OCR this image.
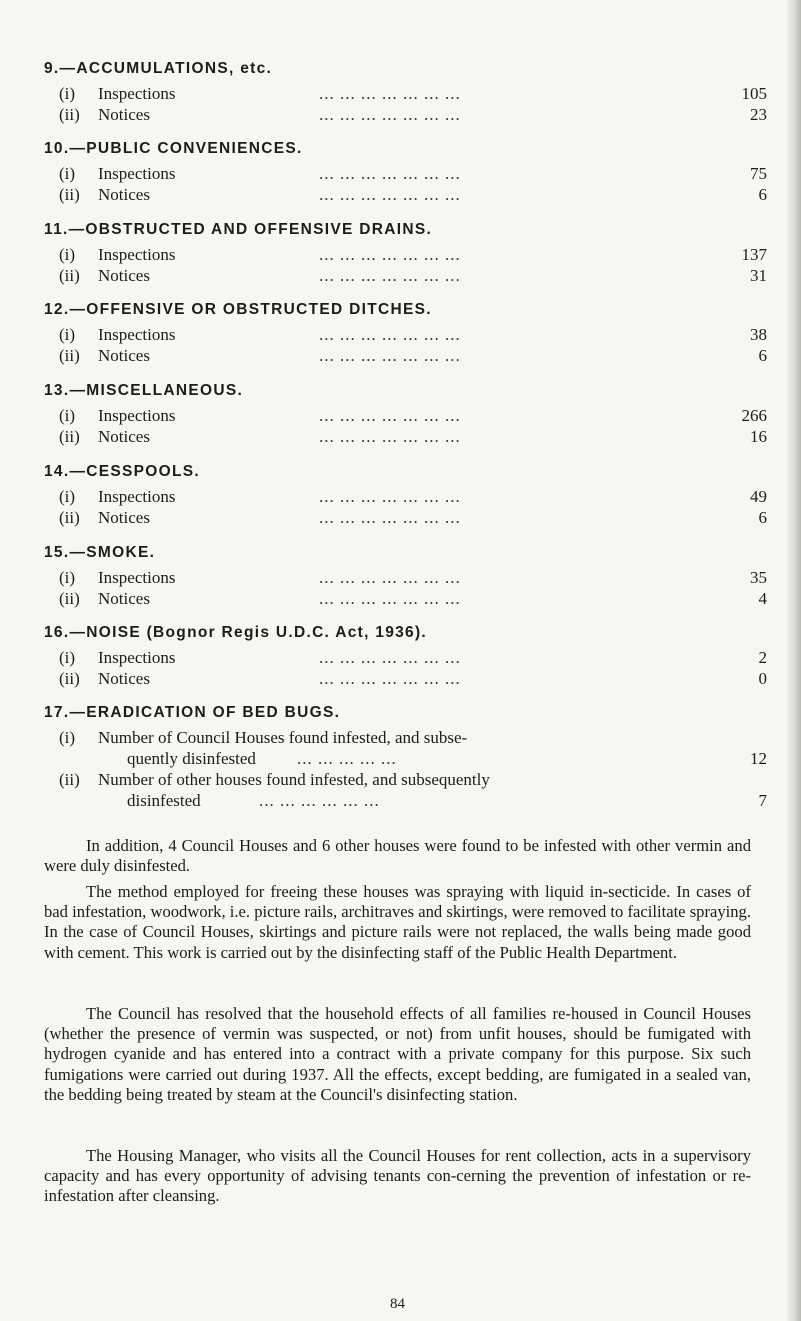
9.—ACCUMULATIONS, etc.
(i) Inspections	... ... ... ... ... ... ...	105
(ii) Notices	... ... ... ... ... ... ...	23
10.—PUBLIC CONVENIENCES.
(i) Inspections	... ... ... ... ... ... ...	75
(ii) Notices	... ... ... ... ... ... ...	6
11.—OBSTRUCTED AND OFFENSIVE DRAINS.
(i) Inspections	... ... ... ... ... ... ...	137
(ii) Notices	... ... ... ... ... ... ...	31
12.—OFFENSIVE OR OBSTRUCTED DITCHES.
(i) Inspections	... ... ... ... ... ... ...	38
(ii) Notices	... ... ... ... ... ... ...	6
13.—MISCELLANEOUS.
(i) Inspections	... ... ... ... ... ... ...	266
(ii) Notices	... ... ... ... ... ... ...	16
14.—CESSPOOLS.
(i) Inspections	... ... ... ... ... ... ...	49
(ii) Notices	... ... ... ... ... ... ...	6
15.—SMOKE.
(i) Inspections	... ... ... ... ... ... ...	35
(ii) Notices	... ... ... ... ... ... ...	4
16.—NOISE (Bognor Regis U.D.C. Act, 1936).
(i) Inspections	... ... ... ... ... ... ...	2
(ii) Notices	... ... ... ... ... ... ...	0
17.—ERADICATION OF BED BUGS.
(i) Number of Council Houses found infested, and subse-
quently disinfested ... ... ... ... ...	12
(ii) Number of other houses found infested, and subsequently
disinfested	... ... ... ... ... ...	7

In addition, 4 Council Houses and 6 other houses were found to be infested with other vermin and were duly disinfested.

The method employed for freeing these houses was spraying with liquid in-secticide. In cases of bad infestation, woodwork, i.e. picture rails, architraves and skirtings, were removed to facilitate spraying. In the case of Council Houses, skirtings and picture rails were not replaced, the walls being made good with cement. This work is carried out by the disinfecting staff of the Public Health Department.

The Council has resolved that the household effects of all families re-housed in Council Houses (whether the presence of vermin was suspected, or not) from unfit houses, should be fumigated with hydrogen cyanide and has entered into a contract with a private company for this purpose. Six such fumigations were carried out during 1937. All the effects, except bedding, are fumigated in a sealed van, the bedding being treated by steam at the Council's disinfecting station.

The Housing Manager, who visits all the Council Houses for rent collection, acts in a supervisory capacity and has every opportunity of advising tenants con-cerning the prevention of infestation or re-infestation after cleansing.

84
